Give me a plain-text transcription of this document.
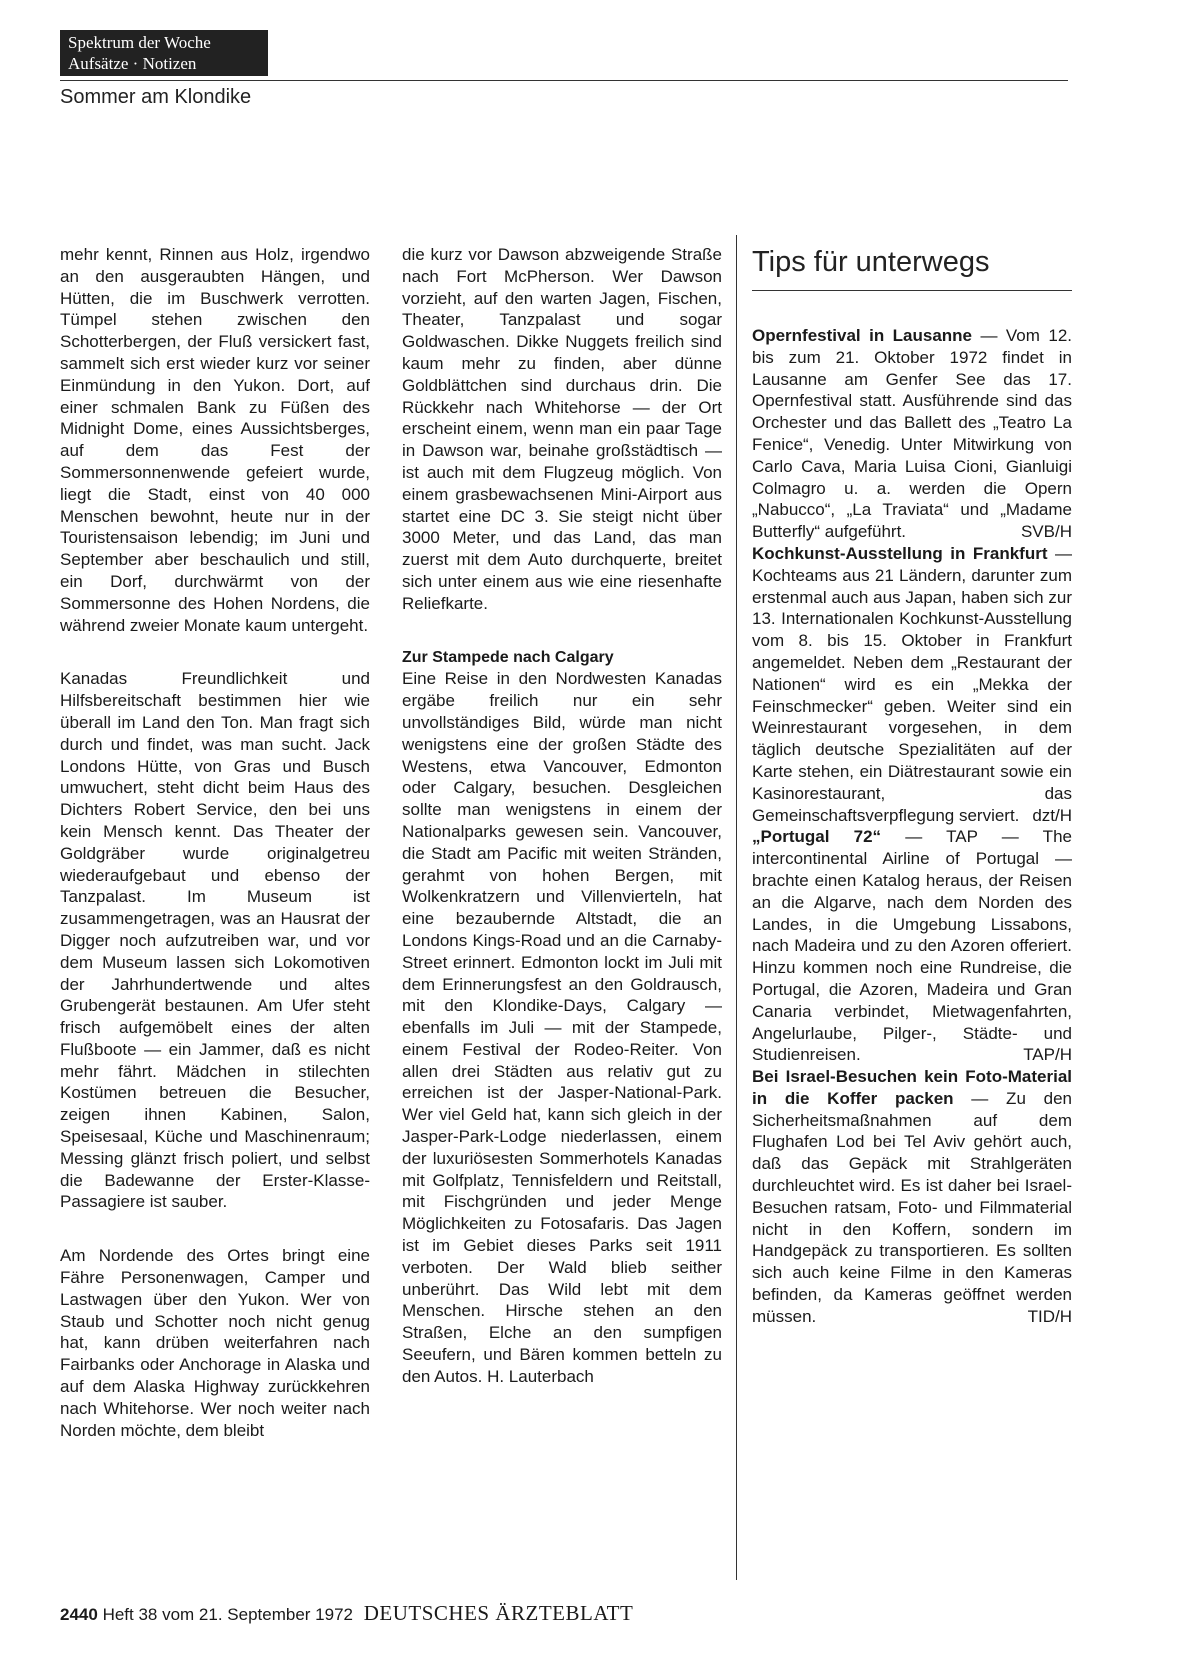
Spektrum der Woche
Aufsätze · Notizen
Sommer am Klondike

mehr kennt, Rinnen aus Holz, irgendwo an den ausgeraubten Hängen, und Hütten, die im Buschwerk verrotten. Tümpel stehen zwischen den Schotterbergen, der Fluß versickert fast, sammelt sich erst wieder kurz vor seiner Einmündung in den Yukon. Dort, auf einer schmalen Bank zu Füßen des Midnight Dome, eines Aussichtsberges, auf dem das Fest der Sommersonnenwende gefeiert wurde, liegt die Stadt, einst von 40 000 Menschen bewohnt, heute nur in der Touristensaison lebendig; im Juni und September aber beschaulich und still, ein Dorf, durchwärmt von der Sommersonne des Hohen Nordens, die während zweier Monate kaum untergeht.

Kanadas Freundlichkeit und Hilfsbereitschaft bestimmen hier wie überall im Land den Ton. Man fragt sich durch und findet, was man sucht. Jack Londons Hütte, von Gras und Busch umwuchert, steht dicht beim Haus des Dichters Robert Service, den bei uns kein Mensch kennt. Das Theater der Goldgräber wurde originalgetreu wiederaufgebaut und ebenso der Tanzpalast. Im Museum ist zusammengetragen, was an Hausrat der Digger noch aufzutreiben war, und vor dem Museum lassen sich Lokomotiven der Jahrhundertwende und altes Grubengerät bestaunen. Am Ufer steht frisch aufgemöbelt eines der alten Flußboote — ein Jammer, daß es nicht mehr fährt. Mädchen in stilechten Kostümen betreuen die Besucher, zeigen ihnen Kabinen, Salon, Speisesaal, Küche und Maschinenraum; Messing glänzt frisch poliert, und selbst die Badewanne der Erster-Klasse-Passagiere ist sauber.

Am Nordende des Ortes bringt eine Fähre Personenwagen, Camper und Lastwagen über den Yukon. Wer von Staub und Schotter noch nicht genug hat, kann drüben weiterfahren nach Fairbanks oder Anchorage in Alaska und auf dem Alaska Highway zurückkehren nach Whitehorse. Wer noch weiter nach Norden möchte, dem bleibt

die kurz vor Dawson abzweigende Straße nach Fort McPherson. Wer Dawson vorzieht, auf den warten Jagen, Fischen, Theater, Tanzpalast und sogar Goldwaschen. Dikke Nuggets freilich sind kaum mehr zu finden, aber dünne Goldblättchen sind durchaus drin. Die Rückkehr nach Whitehorse — der Ort erscheint einem, wenn man ein paar Tage in Dawson war, beinahe großstädtisch — ist auch mit dem Flugzeug möglich. Von einem grasbewachsenen Mini-Airport aus startet eine DC 3. Sie steigt nicht über 3000 Meter, und das Land, das man zuerst mit dem Auto durchquerte, breitet sich unter einem aus wie eine riesenhafte Reliefkarte.

Zur Stampede nach Calgary

Eine Reise in den Nordwesten Kanadas ergäbe freilich nur ein sehr unvollständiges Bild, würde man nicht wenigstens eine der großen Städte des Westens, etwa Vancouver, Edmonton oder Calgary, besuchen. Desgleichen sollte man wenigstens in einem der Nationalparks gewesen sein. Vancouver, die Stadt am Pacific mit weiten Stränden, gerahmt von hohen Bergen, mit Wolkenkratzern und Villenvierteln, hat eine bezaubernde Altstadt, die an Londons Kings-Road und an die Carnaby-Street erinnert. Edmonton lockt im Juli mit dem Erinnerungsfest an den Goldrausch, mit den Klondike-Days, Calgary — ebenfalls im Juli — mit der Stampede, einem Festival der Rodeo-Reiter. Von allen drei Städten aus relativ gut zu erreichen ist der Jasper-National-Park. Wer viel Geld hat, kann sich gleich in der Jasper-Park-Lodge niederlassen, einem der luxuriösesten Sommerhotels Kanadas mit Golfplatz, Tennisfeldern und Reitstall, mit Fischgründen und jeder Menge Möglichkeiten zu Fotosafaris. Das Jagen ist im Gebiet dieses Parks seit 1911 verboten. Der Wald blieb seither unberührt. Das Wild lebt mit dem Menschen. Hirsche stehen an den Straßen, Elche an den sumpfigen Seeufern, und Bären kommen betteln zu den Autos. H. Lauterbach

Tips für unterwegs

Opernfestival in Lausanne — Vom 12. bis zum 21. Oktober 1972 findet in Lausanne am Genfer See das 17. Opernfestival statt. Ausführende sind das Orchester und das Ballett des „Teatro La Fenice“, Venedig. Unter Mitwirkung von Carlo Cava, Maria Luisa Cioni, Gianluigi Colmagro u. a. werden die Opern „Nabucco“, „La Traviata“ und „Madame Butterfly“ aufgeführt.	SVB/H

Kochkunst-Ausstellung in Frankfurt — Kochteams aus 21 Ländern, darunter zum erstenmal auch aus Japan, haben sich zur 13. Internationalen Kochkunst-Ausstellung vom 8. bis 15. Oktober in Frankfurt angemeldet. Neben dem „Restaurant der Nationen“ wird es ein „Mekka der Feinschmecker“ geben. Weiter sind ein Weinrestaurant vorgesehen, in dem täglich deutsche Spezialitäten auf der Karte stehen, ein Diätrestaurant sowie ein Kasinorestaurant, das Gemeinschaftsverpflegung serviert. dzt/H

„Portugal 72“ — TAP — The intercontinental Airline of Portugal — brachte einen Katalog heraus, der Reisen an die Algarve, nach dem Norden des Landes, in die Umgebung Lissabons, nach Madeira und zu den Azoren offeriert. Hinzu kommen noch eine Rundreise, die Portugal, die Azoren, Madeira und Gran Canaria verbindet, Mietwagenfahrten, Angelurlaube, Pilger-, Städte- und Studienreisen.	TAP/H

Bei Israel-Besuchen kein Foto-Material in die Koffer packen — Zu den Sicherheitsmaßnahmen auf dem Flughafen Lod bei Tel Aviv gehört auch, daß das Gepäck mit Strahlgeräten durchleuchtet wird. Es ist daher bei Israel-Besuchen ratsam, Foto- und Filmmaterial nicht in den Koffern, sondern im Handgepäck zu transportieren. Es sollten sich auch keine Filme in den Kameras befinden, da Kameras geöffnet werden müssen.	TID/H

2440 Heft 38 vom 21. September 1972 DEUTSCHES ÄRZTEBLATT
